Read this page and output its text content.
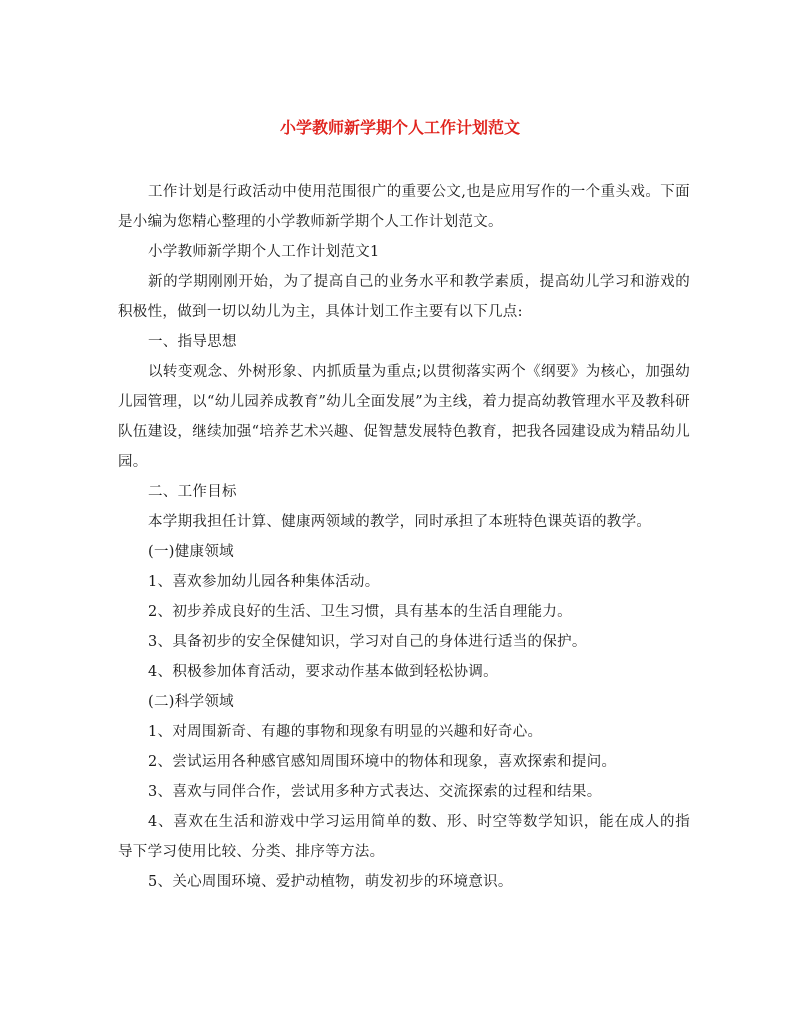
小学教师新学期个人工作计划范文

工作计划是行政活动中使用范围很广的重要公文,也是应用写作的一个重头戏。下面是小编为您精心整理的小学教师新学期个人工作计划范文。

小学教师新学期个人工作计划范文1

新的学期刚刚开始，为了提高自己的业务水平和教学素质，提高幼儿学习和游戏的积极性，做到一切以幼儿为主，具体计划工作主要有以下几点:

一、指导思想

以转变观念、外树形象、内抓质量为重点;以贯彻落实两个《纲要》为核心，加强幼儿园管理，以“幼儿园养成教育”幼儿全面发展”为主线，着力提高幼教管理水平及教科研队伍建设，继续加强“培养艺术兴趣、促智慧发展特色教育，把我各园建设成为精品幼儿园。

二、工作目标

本学期我担任计算、健康两领域的教学，同时承担了本班特色课英语的教学。

(一)健康领域

1、喜欢参加幼儿园各种集体活动。

2、初步养成良好的生活、卫生习惯，具有基本的生活自理能力。

3、具备初步的安全保健知识，学习对自己的身体进行适当的保护。

4、积极参加体育活动，要求动作基本做到轻松协调。

(二)科学领域

1、对周围新奇、有趣的事物和现象有明显的兴趣和好奇心。

2、尝试运用各种感官感知周围环境中的物体和现象，喜欢探索和提问。

3、喜欢与同伴合作，尝试用多种方式表达、交流探索的过程和结果。

4、喜欢在生活和游戏中学习运用简单的数、形、时空等数学知识，能在成人的指导下学习使用比较、分类、排序等方法。

5、关心周围环境、爱护动植物，萌发初步的环境意识。
